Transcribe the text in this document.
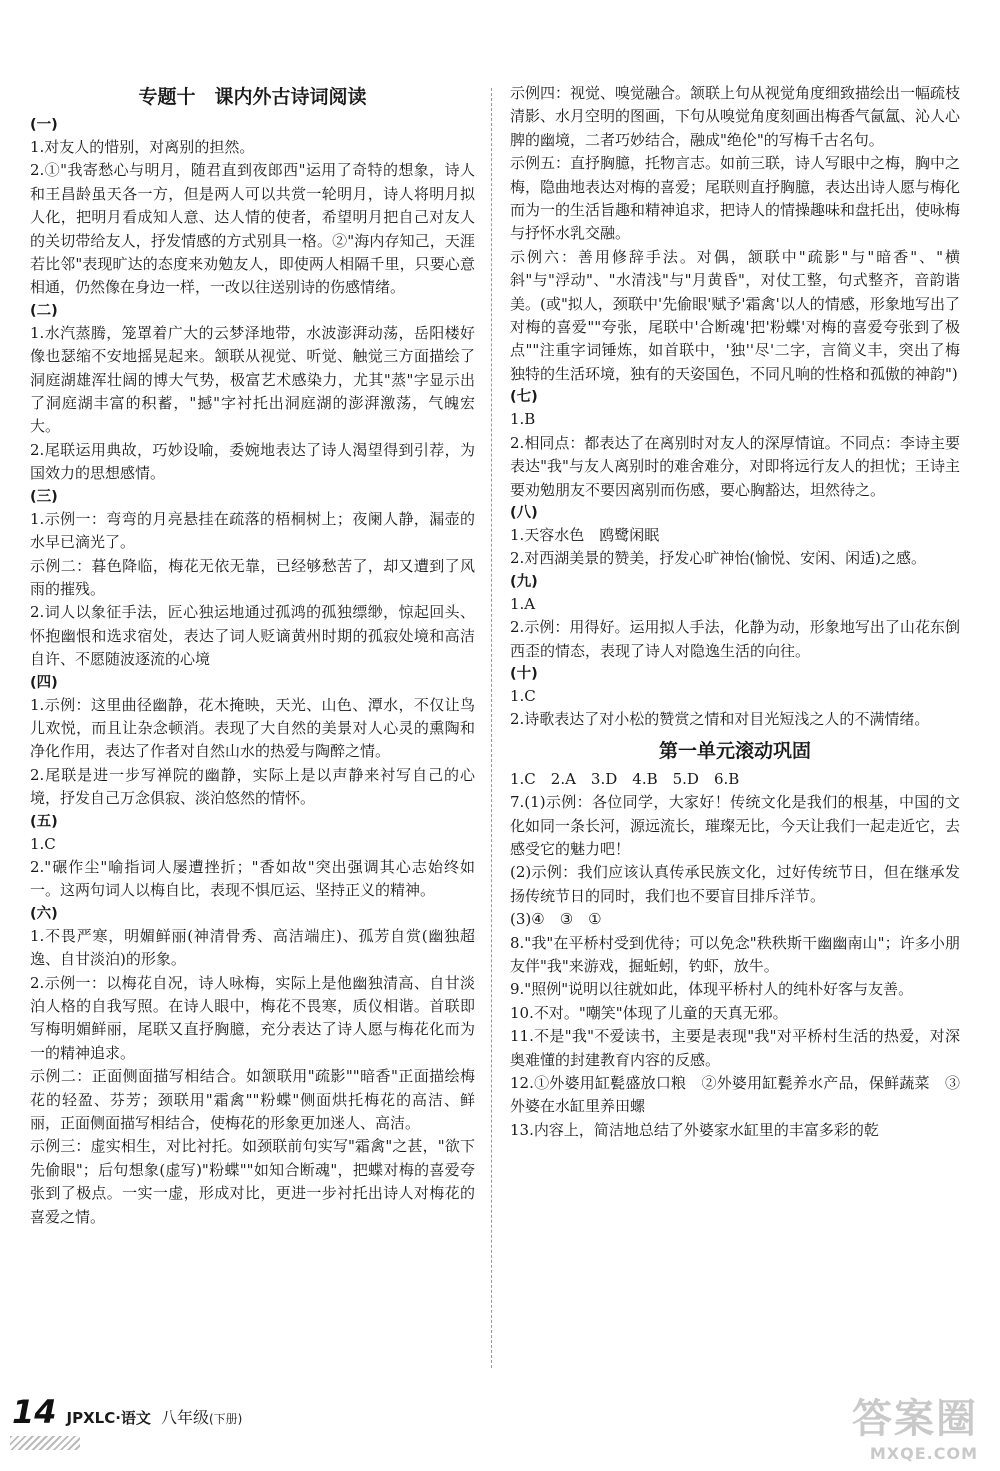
专题十　课内外古诗词阅读
(一)
1.对友人的惜别，对离别的担然。
2.①"我寄愁心与明月，随君直到夜郎西"运用了奇特的想象，诗人和王昌龄虽天各一方，但是两人可以共赏一轮明月，诗人将明月拟人化，把明月看成知人意、达人情的使者，希望明月把自己对友人的关切带给友人，抒发情感的方式别具一格。②"海内存知己，天涯若比邻"表现旷达的态度来劝勉友人，即使两人相隔千里，只要心意相通，仍然像在身边一样，一改以往送别诗的伤感情绪。
(二)
1.水汽蒸腾，笼罩着广大的云梦泽地带，水波澎湃动荡，岳阳楼好像也瑟缩不安地摇晃起来。颔联从视觉、听觉、触觉三方面描绘了洞庭湖雄浑壮阔的博大气势，极富艺术感染力，尤其"蒸"字显示出了洞庭湖丰富的积蓄，"撼"字衬托出洞庭湖的澎湃激荡，气魄宏大。
2.尾联运用典故，巧妙设喻，委婉地表达了诗人渴望得到引荐，为国效力的思想感情。
(三)
1.示例一：弯弯的月亮悬挂在疏落的梧桐树上；夜阑人静，漏壶的水早已滴光了。
示例二：暮色降临，梅花无依无靠，已经够愁苦了，却又遭到了风雨的摧残。
2.词人以象征手法，匠心独运地通过孤鸿的孤独缥缈，惊起回头、怀抱幽恨和选求宿处，表达了词人贬谪黄州时期的孤寂处境和高洁自许、不愿随波逐流的心境
(四)
1.示例：这里曲径幽静，花木掩映，天光、山色、潭水，不仅让鸟儿欢悦，而且让杂念顿消。表现了大自然的美景对人心灵的熏陶和净化作用，表达了作者对自然山水的热爱与陶醉之情。
2.尾联是进一步写禅院的幽静，实际上是以声静来衬写自己的心境，抒发自己万念俱寂、淡泊悠然的情怀。
(五)
1.C
2."碾作尘"喻指词人屡遭挫折；"香如故"突出强调其心志始终如一。这两句词人以梅自比，表现不惧厄运、坚持正义的精神。
(六)
1.不畏严寒，明媚鲜丽(神清骨秀、高洁端庄)、孤芳自赏(幽独超逸、自甘淡泊)的形象。
2.示例一：以梅花自况，诗人咏梅，实际上是他幽独清高、自甘淡泊人格的自我写照。在诗人眼中，梅花不畏寒，质仪相谐。首联即写梅明媚鲜丽，尾联又直抒胸臆，充分表达了诗人愿与梅花化而为一的精神追求。
示例二：正面侧面描写相结合。如颔联用"疏影""暗香"正面描绘梅花的轻盈、芬芳；颈联用"霜禽""粉蝶"侧面烘托梅花的高洁、鲜丽，正面侧面描写相结合，使梅花的形象更加迷人、高洁。
示例三：虚实相生，对比衬托。如颈联前句实写"霜禽"之甚，"欲下先偷眼"；后句想象(虚写)"粉蝶""如知合断魂"，把蝶对梅的喜爱夸张到了极点。一实一虚，形成对比，更进一步衬托出诗人对梅花的喜爱之情。
示例四：视觉、嗅觉融合。颔联上句从视觉角度细致描绘出一幅疏枝清影、水月空明的图画，下句从嗅觉角度刻画出梅香气氤氲、沁人心脾的幽境，二者巧妙结合，融成"绝伦"的写梅千古名句。
示例五：直抒胸臆，托物言志。如前三联，诗人写眼中之梅，胸中之梅，隐曲地表达对梅的喜爱；尾联则直抒胸臆，表达出诗人愿与梅化而为一的生活旨趣和精神追求，把诗人的情操趣味和盘托出，使咏梅与抒怀水乳交融。
示例六：善用修辞手法。对偶，颔联中"疏影"与"暗香"、"横斜"与"浮动"、"水清浅"与"月黄昏"，对仗工整，句式整齐，音韵谐美。(或"拟人，颈联中'先偷眼'赋予'霜禽'以人的情感，形象地写出了对梅的喜爱""夸张，尾联中'合断魂'把'粉蝶'对梅的喜爱夸张到了极点""注重字词锤炼，如首联中，'独''尽'二字，言简义丰，突出了梅独特的生活环境，独有的天姿国色，不同凡响的性格和孤傲的神韵")
(七)
1.B
2.相同点：都表达了在离别时对友人的深厚情谊。不同点：李诗主要表达"我"与友人离别时的难舍难分，对即将远行友人的担忧；王诗主要劝勉朋友不要因离别而伤感，要心胸豁达，坦然待之。
(八)
1.天容水色　鸥鹭闲眠
2.对西湖美景的赞美，抒发心旷神怡(愉悦、安闲、闲适)之感。
(九)
1.A
2.示例：用得好。运用拟人手法，化静为动，形象地写出了山花东倒西歪的情态，表现了诗人对隐逸生活的向往。
(十)
1.C
2.诗歌表达了对小松的赞赏之情和对目光短浅之人的不满情绪。
第一单元滚动巩固
1.C　2.A　3.D　4.B　5.D　6.B
7.(1)示例：各位同学，大家好！传统文化是我们的根基，中国的文化如同一条长河，源远流长，璀璨无比，今天让我们一起走近它，去感受它的魅力吧！
(2)示例：我们应该认真传承民族文化，过好传统节日，但在继承发扬传统节日的同时，我们也不要盲目排斥洋节。
(3)④　③　①
8."我"在平桥村受到优待；可以免念"秩秩斯干幽幽南山"；许多小朋友伴"我"来游戏，掘蚯蚓，钓虾，放牛。
9."照例"说明以往就如此，体现平桥村人的纯朴好客与友善。
10.不对。"嘲笑"体现了儿童的天真无邪。
11.不是"我"不爱读书，主要是表现"我"对平桥村生活的热爱，对深奥难懂的封建教育内容的反感。
12.①外婆用缸甏盛放口粮　②外婆用缸甏养水产品，保鲜蔬菜　③外婆在水缸里养田螺
13.内容上，简洁地总结了外婆家水缸里的丰富多彩的乾
14 JPXLC·语文 八年级(下册)	答案圈
MXQE.COM
